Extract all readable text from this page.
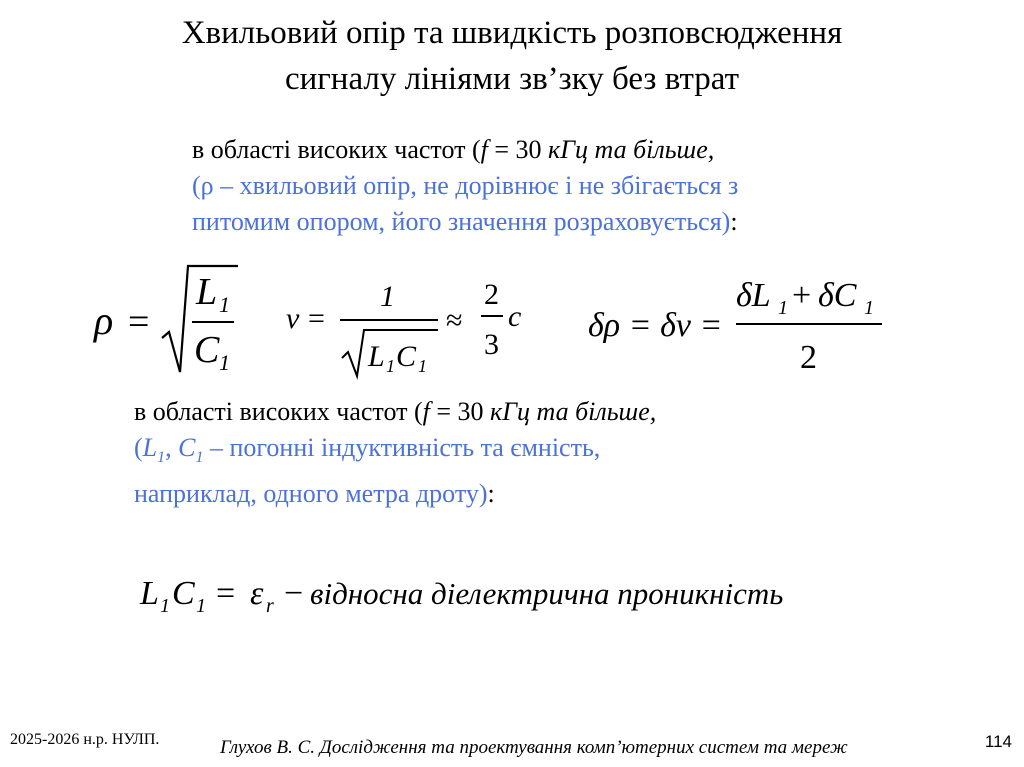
Хвильовий опір та швидкість розповсюдження
сигналу лініями зв’зку без втрат
в області високих частот (f = 30 кГц та більше,
(ρ – хвильовий опір, не дорівнює і не збігається з
питомим опором, його значення розраховується):
ρ =
L 1
C 1
v =
1
L 1 C 1
≈
2
3
c δρ = δv =
δL 1 + δC 1
2
в області високих частот (f = 30 кГц та більше,
($L_1$, $C_1$ – погонні індуктивність та ємність,
наприклад, одного метра дроту):
L 1 C 1 = ε r − відносна діелектрична проникність
2025-2026 н.р. НУЛП.	Глухов В. С. Дослідження та проектування комп’ютерних систем та мереж	114
